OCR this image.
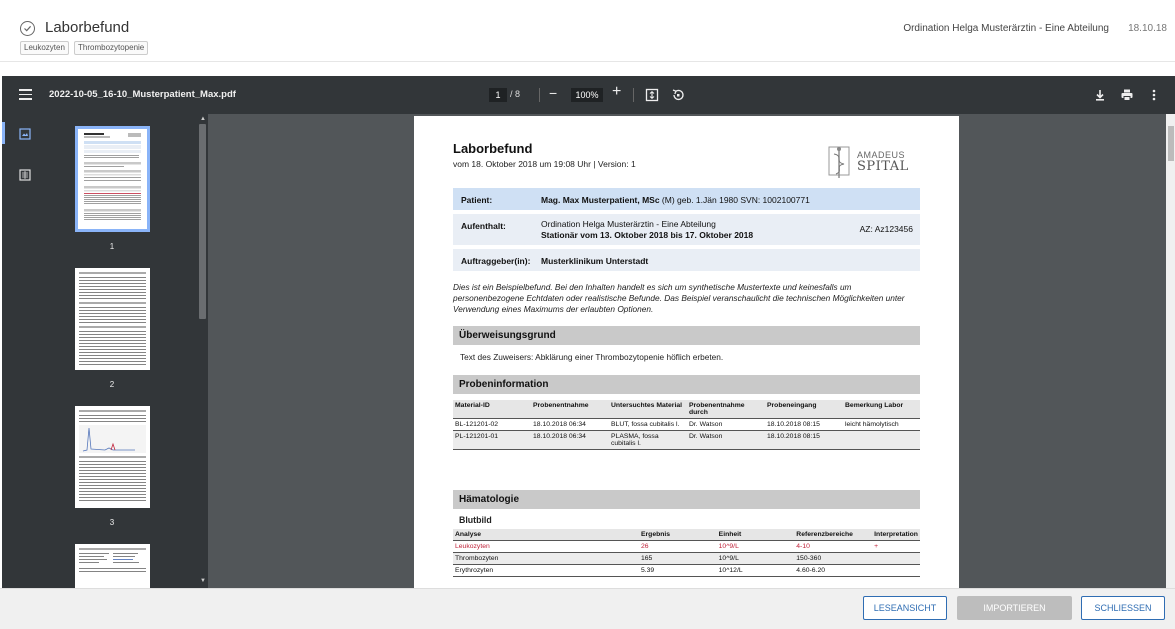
Laborbefund
Leukozyten	Thrombozytopenie
Ordination Helga Musterärztin - Eine Abteilung 18.10.18
2022-10-05_16-10_Musterpatient_Max.pdf	1	/ 8 −	100% +
1
2
3
▲
▼
Laborbefund
vom 18. Oktober 2018 um 19:08 Uhr | Version: 1
AMADEUS
SPITAL
Patient:	Mag. Max Musterpatient, MSc (M) geb. 1.Jän 1980 SVN: 1002100771
Aufenthalt:	Ordination Helga Musterärztin - Eine Abteilung
Stationär vom 13. Oktober 2018 bis 17. Oktober 2018
AZ: Az123456
Auftraggeber(in): Musterklinikum Unterstadt
Dies ist ein Beispielbefund. Bei den Inhalten handelt es sich um synthetische Mustertexte und keinesfalls um personenbezogene Echtdaten oder realistische Befunde. Das Beispiel veranschaulicht die technischen Möglichkeiten unter Verwendung eines Maximums der erlaubten Optionen.
Überweisungsgrund
Text des Zuweisers: Abklärung einer Thrombozytopenie höflich erbeten.
Probeninformation
Material-ID	Probenentnahme	Untersuchtes Material	Probenentnahme durch	Probeneingang	Bemerkung Labor
BL-121201-02	18.10.2018 06:34	BLUT, fossa cubitalis l.	Dr. Watson	18.10.2018 08:15	leicht hämolytisch
PL-121201-01	18.10.2018 06:34	PLASMA, fossa cubitalis l.	Dr. Watson	18.10.2018 08:15	
Hämatologie
Blutbild
Analyse	Ergebnis	Einheit	Referenzbereiche	Interpretation
Leukozyten	26	10^9/L	4-10	+
Thrombozyten	165	10^9/L	150-360	
Erythrozyten	5.39	10^12/L	4.60-6.20	
LESEANSICHT	IMPORTIEREN	SCHLIESSEN
